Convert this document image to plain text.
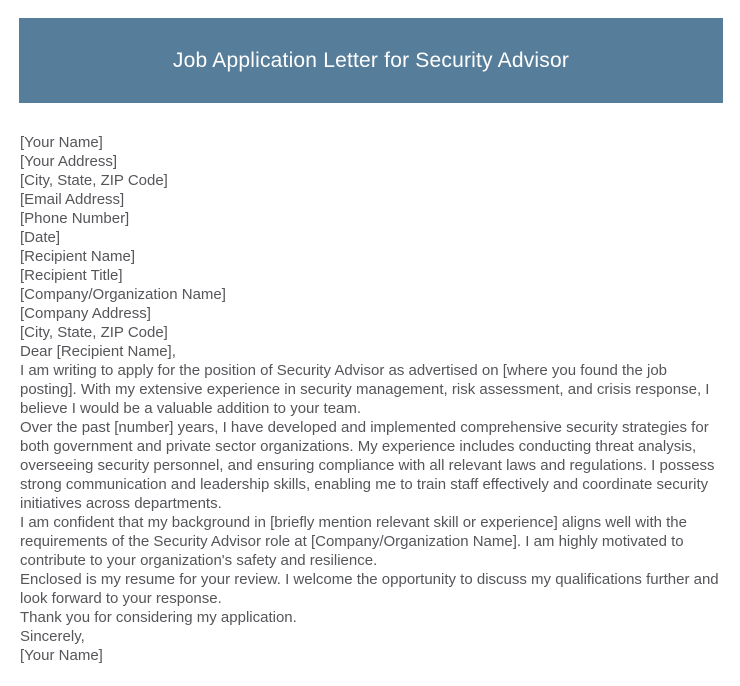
Job Application Letter for Security Advisor
[Your Name]
[Your Address]
[City, State, ZIP Code]
[Email Address]
[Phone Number]
[Date]
[Recipient Name]
[Recipient Title]
[Company/Organization Name]
[Company Address]
[City, State, ZIP Code]
Dear [Recipient Name],
I am writing to apply for the position of Security Advisor as advertised on [where you found the job posting]. With my extensive experience in security management, risk assessment, and crisis response, I believe I would be a valuable addition to your team.
Over the past [number] years, I have developed and implemented comprehensive security strategies for both government and private sector organizations. My experience includes conducting threat analysis, overseeing security personnel, and ensuring compliance with all relevant laws and regulations. I possess strong communication and leadership skills, enabling me to train staff effectively and coordinate security initiatives across departments.
I am confident that my background in [briefly mention relevant skill or experience] aligns well with the requirements of the Security Advisor role at [Company/Organization Name]. I am highly motivated to contribute to your organization's safety and resilience.
Enclosed is my resume for your review. I welcome the opportunity to discuss my qualifications further and look forward to your response.
Thank you for considering my application.
Sincerely,
[Your Name]
